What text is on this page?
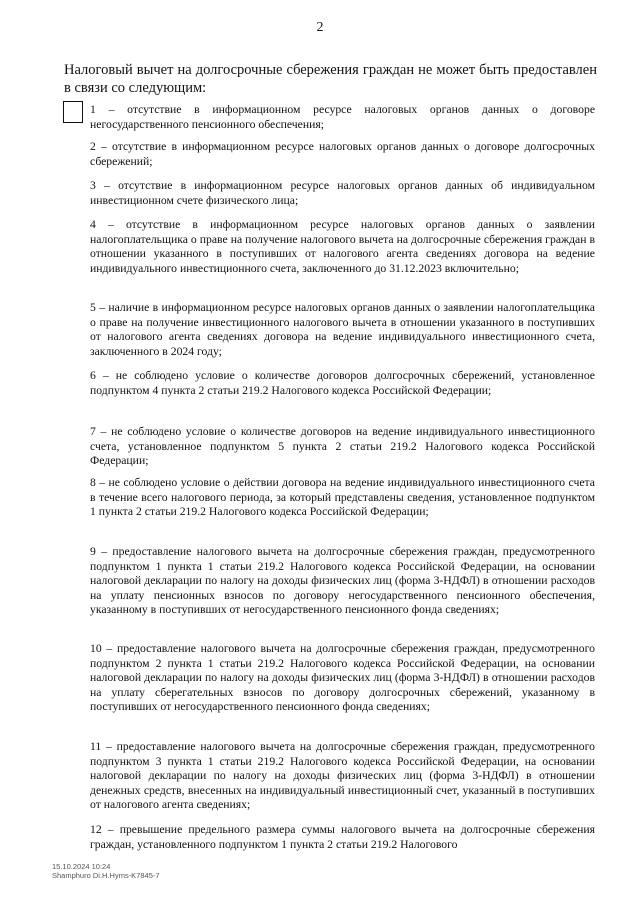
2

Налоговый вычет на долгосрочные сбережения граждан не может быть предоставлен в связи со следующим:

1 – отсутствие в информационном ресурсе налоговых органов данных о договоре негосударственного пенсионного обеспечения;

2 – отсутствие в информационном ресурсе налоговых органов данных о договоре долгосрочных сбережений;

3 – отсутствие в информационном ресурсе налоговых органов данных об индивидуальном инвестиционном счете физического лица;

4 – отсутствие в информационном ресурсе налоговых органов данных о заявлении налогоплательщика о праве на получение налогового вычета на долгосрочные сбережения граждан в отношении указанного в поступивших от налогового агента сведениях договора на ведение индивидуального инвестиционного счета, заключенного до 31.12.2023 включительно;

5 – наличие в информационном ресурсе налоговых органов данных о заявлении налогоплательщика о праве на получение инвестиционного налогового вычета в отношении указанного в поступивших от налогового агента сведениях договора на ведение индивидуального инвестиционного счета, заключенного в 2024 году;

6 – не соблюдено условие о количестве договоров долгосрочных сбережений, установленное подпунктом 4 пункта 2 статьи 219.2 Налогового кодекса Российской Федерации;

7 – не соблюдено условие о количестве договоров на ведение индивидуального инвестиционного счета, установленное подпунктом 5 пункта 2 статьи 219.2 Налогового кодекса Российской Федерации;

8 – не соблюдено условие о действии договора на ведение индивидуального инвестиционного счета в течение всего налогового периода, за который представлены сведения, установленное подпунктом 1 пункта 2 статьи 219.2 Налогового кодекса Российской Федерации;

9 – предоставление налогового вычета на долгосрочные сбережения граждан, предусмотренного подпунктом 1 пункта 1 статьи 219.2 Налогового кодекса Российской Федерации, на основании налоговой декларации по налогу на доходы физических лиц (форма 3-НДФЛ) в отношении расходов на уплату пенсионных взносов по договору негосударственного пенсионного обеспечения, указанному в поступивших от негосударственного пенсионного фонда сведениях;

10 – предоставление налогового вычета на долгосрочные сбережения граждан, предусмотренного подпунктом 2 пункта 1 статьи 219.2 Налогового кодекса Российской Федерации, на основании налоговой декларации по налогу на доходы физических лиц (форма 3-НДФЛ) в отношении расходов на уплату сберегательных взносов по договору долгосрочных сбережений, указанному в поступивших от негосударственного пенсионного фонда сведениях;

11 – предоставление налогового вычета на долгосрочные сбережения граждан, предусмотренного подпунктом 3 пункта 1 статьи 219.2 Налогового кодекса Российской Федерации, на основании налоговой декларации по налогу на доходы физических лиц (форма 3-НДФЛ) в отношении денежных средств, внесенных на индивидуальный инвестиционный счет, указанный в поступивших от налогового агента сведениях;

12 – превышение предельного размера суммы налогового вычета на долгосрочные сбережения граждан, установленного подпунктом 1 пункта 2 статьи 219.2 Налогового

15.10.2024 10:24
Shamphuro Di.H.Hyms-K7845-7
